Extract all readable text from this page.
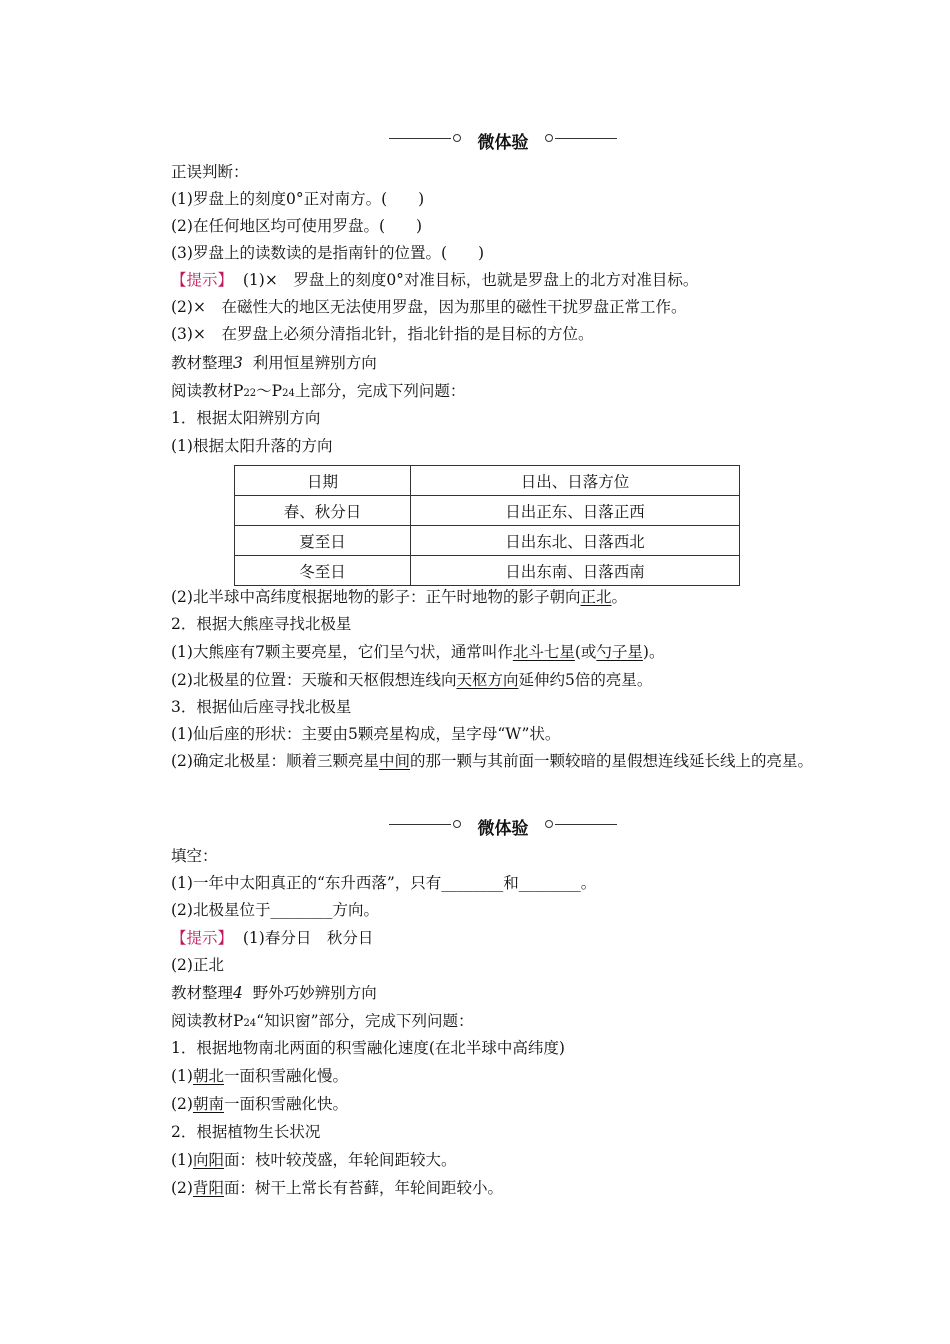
微体验
正误判断：
(1)罗盘上的刻度0°正对南方。(　　)
(2)在任何地区均可使用罗盘。(　　)
(3)罗盘上的读数读的是指南针的位置。(　　)
【提示】 (1)×　罗盘上的刻度0°对准目标，也就是罗盘上的北方对准目标。
(2)×　在磁性大的地区无法使用罗盘，因为那里的磁性干扰罗盘正常工作。
(3)×　在罗盘上必须分清指北针，指北针指的是目标的方位。
教材整理3 利用恒星辨别方向
阅读教材P22～P24上部分，完成下列问题：
1．根据太阳辨别方向
(1)根据太阳升落的方向
日期	日出、日落方位
春、秋分日	日出正东、日落正西
夏至日	日出东北、日落西北
冬至日	日出东南、日落西南
(2)北半球中高纬度根据地物的影子：正午时地物的影子朝向正北。
2．根据大熊座寻找北极星
(1)大熊座有7颗主要亮星，它们呈勺状，通常叫作北斗七星(或勺子星)。
(2)北极星的位置：天璇和天枢假想连线向天枢方向延伸约5倍的亮星。
3．根据仙后座寻找北极星
(1)仙后座的形状：主要由5颗亮星构成，呈字母“W”状。
(2)确定北极星：顺着三颗亮星中间的那一颗与其前面一颗较暗的星假想连线延长线上的亮星。
微体验
填空：
(1)一年中太阳真正的“东升西落”，只有________和________。
(2)北极星位于________方向。
【提示】 (1)春分日　秋分日
(2)正北
教材整理4 野外巧妙辨别方向
阅读教材P24“知识窗”部分，完成下列问题：
1．根据地物南北两面的积雪融化速度(在北半球中高纬度)
(1)朝北一面积雪融化慢。
(2)朝南一面积雪融化快。
2．根据植物生长状况
(1)向阳面：枝叶较茂盛，年轮间距较大。
(2)背阳面：树干上常长有苔藓，年轮间距较小。
